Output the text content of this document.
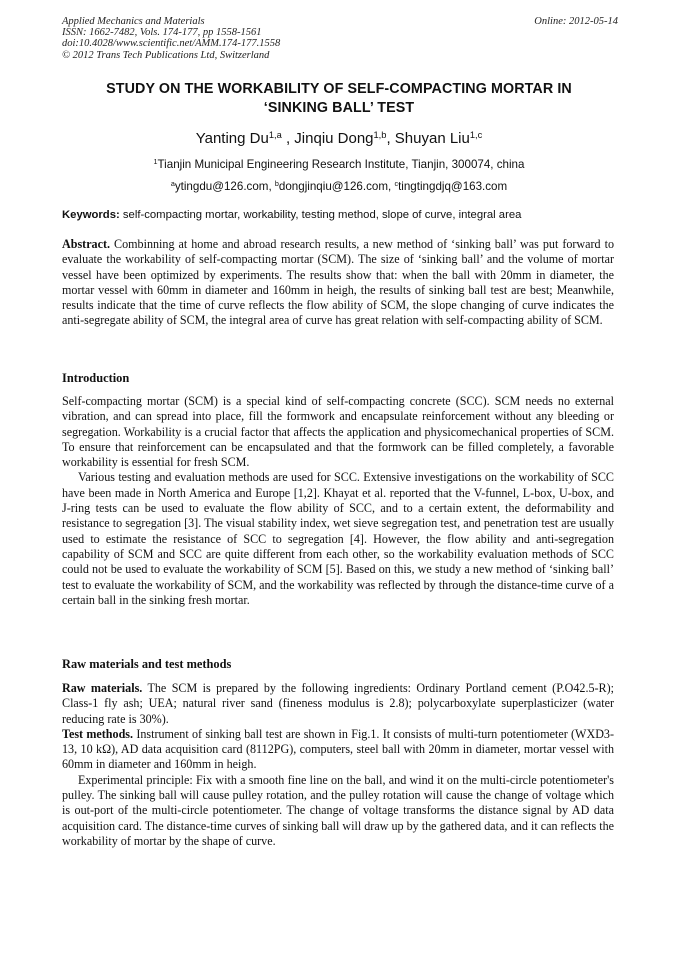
Applied Mechanics and Materials
ISSN: 1662-7482, Vols. 174-177, pp 1558-1561
doi:10.4028/www.scientific.net/AMM.174-177.1558
© 2012 Trans Tech Publications Ltd, Switzerland
Online: 2012-05-14
STUDY ON THE WORKABILITY OF SELF-COMPACTING MORTAR IN
‘SINKING BALL’ TEST
Yanting Du$^{1,a}$ , Jinqiu Dong$^{1,b}$, Shuyan Liu$^{1,c}$
$^1$Tianjin Municipal Engineering Research Institute, Tianjin, 300074, china
$^a$ytingdu@126.com, $^b$dongjinqiu@126.com, $^c$tingtingdjq@163.com
Keywords: self-compacting mortar, workability, testing method, slope of curve, integral area

Abstract. Combinning at home and abroad research results, a new method of ‘sinking ball’ was put forward to evaluate the workability of self-compacting mortar (SCM). The size of ‘sinking ball’ and the volume of mortar vessel have been optimized by experiments. The results show that: when the ball with 20mm in diameter, the mortar vessel with 60mm in diameter and 160mm in heigh, the results of sinking ball test are best; Meanwhile, results indicate that the time of curve reflects the flow ability of SCM, the slope changing of curve indicates the anti-segregate ability of SCM, the integral area of curve has great relation with self-compacting ability of SCM.

Introduction

Self-compacting mortar (SCM) is a special kind of self-compacting concrete (SCC). SCM needs no external vibration, and can spread into place, fill the formwork and encapsulate reinforcement without any bleeding or segregation. Workability is a crucial factor that affects the application and physicomechanical properties of SCM. To ensure that reinforcement can be encapsulated and that the formwork can be filled completely, a favorable workability is essential for fresh SCM.

Various testing and evaluation methods are used for SCC. Extensive investigations on the workability of SCC have been made in North America and Europe [1,2]. Khayat et al. reported that the V-funnel, L-box, U-box, and J-ring tests can be used to evaluate the flow ability of SCC, and to a certain extent, the deformability and resistance to segregation [3]. The visual stability index, wet sieve segregation test, and penetration test are usually used to estimate the resistance of SCC to segregation [4]. However, the flow ability and anti-segregation capability of SCM and SCC are quite different from each other, so the workability evaluation methods of SCC could not be used to evaluate the workability of SCM [5]. Based on this, we study a new method of ‘sinking ball’ test to evaluate the workability of SCM, and the workability was reflected by through the distance-time curve of a certain ball in the sinking fresh mortar.

Raw materials and test methods

Raw materials. The SCM is prepared by the following ingredients: Ordinary Portland cement (P.O42.5-R); Class-1 fly ash; UEA; natural river sand (fineness modulus is 2.8); polycarboxylate superplasticizer (water reducing rate is 30%).

Test methods. Instrument of sinking ball test are shown in Fig.1. It consists of multi-turn potentiometer (WXD3-13, 10 kΩ), AD data acquisition card (8112PG), computers, steel ball with 20mm in diameter, mortar vessel with 60mm in diameter and 160mm in heigh.

Experimental principle: Fix with a smooth fine line on the ball, and wind it on the multi-circle potentiometer's pulley. The sinking ball will cause pulley rotation, and the pulley rotation will cause the change of voltage which is out-port of the multi-circle potentiometer. The change of voltage transforms the distance signal by AD data acquisition card. The distance-time curves of sinking ball will draw up by the gathered data, and it can reflects the workability of mortar by the shape of curve.
